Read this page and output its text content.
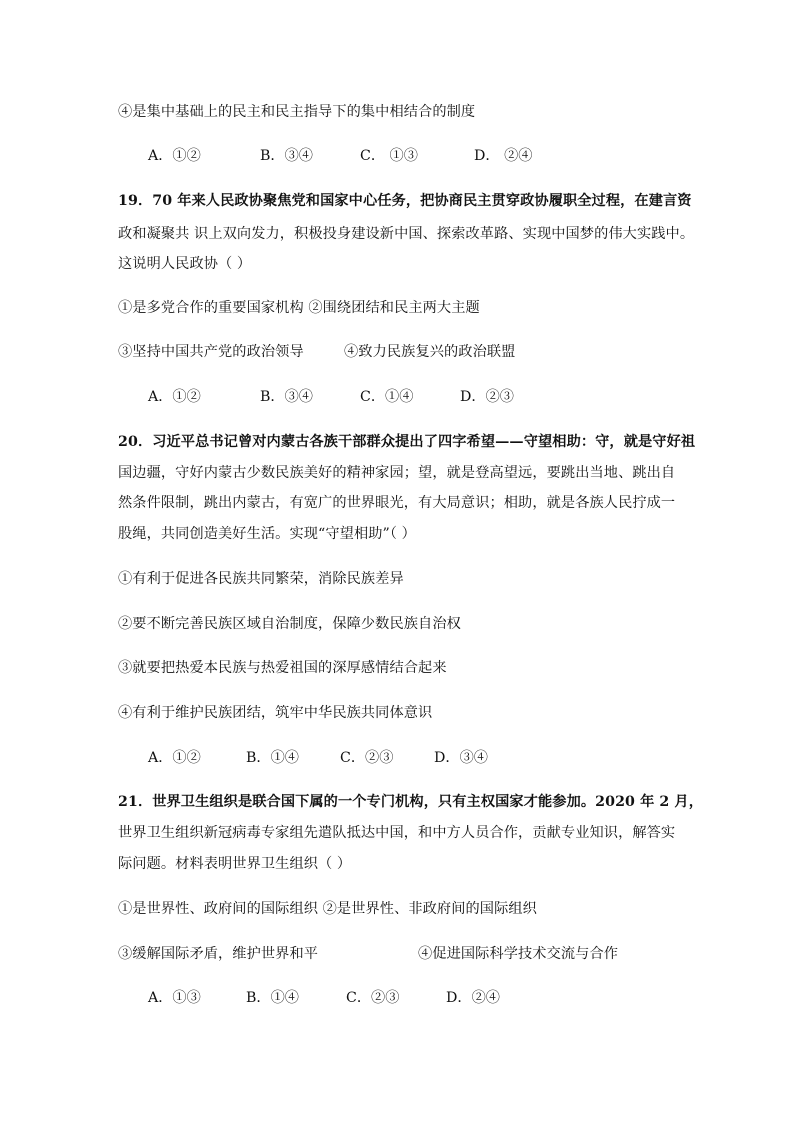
④是集中基础上的民主和民主指导下的集中相结合的制度
A．①②	B．③④	C． ①③	D． ②④
19．70 年来人民政协聚焦党和国家中心任务，把协商民主贯穿政协履职全过程，在建言资
政和凝聚共 识上双向发力，积极投身建设新中国、探索改革路、实现中国梦的伟大实践中。
这说明人民政协（ ）
①是多党合作的重要国家机构 ②围绕团结和民主两大主题
③坚持中国共产党的政治领导	④致力民族复兴的政治联盟
A．①②	B．③④	C．①④	D．②③
20．习近平总书记曾对内蒙古各族干部群众提出了四字希望——守望相助：守，就是守好祖
国边疆，守好内蒙古少数民族美好的精神家园；望，就是登高望远，要跳出当地、跳出自
然条件限制，跳出内蒙古，有宽广的世界眼光，有大局意识；相助，就是各族人民拧成一
股绳，共同创造美好生活。实现“守望相助”（ ）
①有利于促进各民族共同繁荣，消除民族差异
②要不断完善民族区域自治制度，保障少数民族自治权
③就要把热爱本民族与热爱祖国的深厚感情结合起来
④有利于维护民族团结，筑牢中华民族共同体意识
A．①②	B．①④	C．②③	D．③④
21．世界卫生组织是联合国下属的一个专门机构，只有主权国家才能参加。2020 年 2 月，
世界卫生组织新冠病毒专家组先遣队抵达中国，和中方人员合作，贡献专业知识，解答实
际问题。材料表明世界卫生组织（ ）
①是世界性、政府间的国际组织 ②是世界性、非政府间的国际组织
③缓解国际矛盾，维护世界和平	④促进国际科学技术交流与合作
A．①③	B．①④	C．②③	D．②④
